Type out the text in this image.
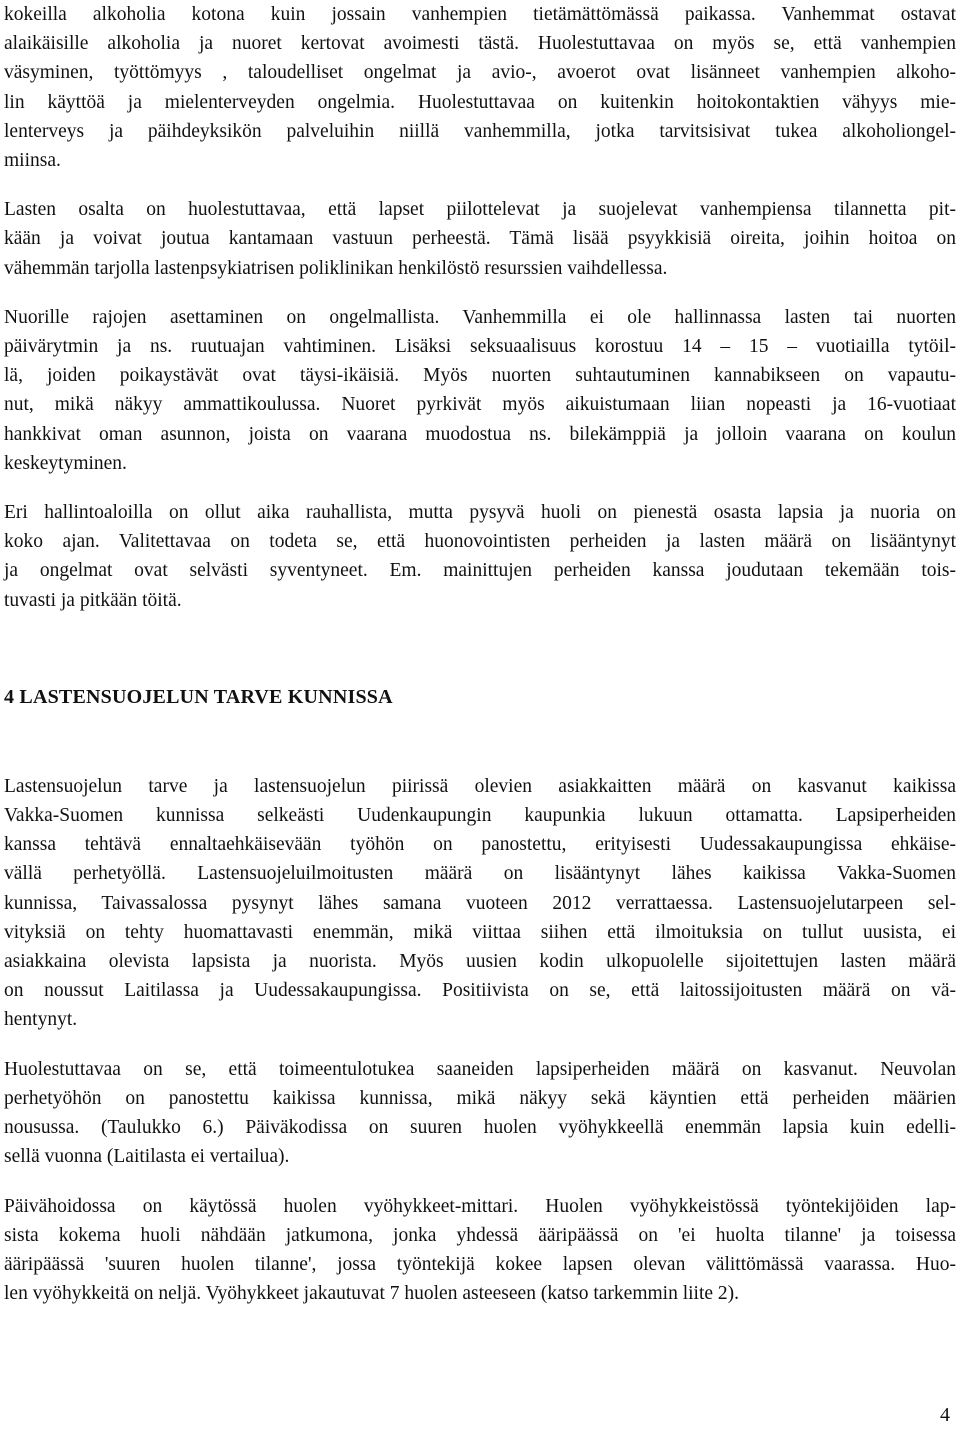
kokeilla alkoholia kotona kuin jossain vanhempien tietämättömässä paikassa. Vanhemmat ostavat
alaikäisille alkoholia ja nuoret kertovat avoimesti tästä. Huolestuttavaa on myös se, että vanhempien
väsyminen, työttömyys , taloudelliset ongelmat ja avio-, avoerot ovat lisänneet vanhempien alkoho-
lin käyttöä ja mielenterveyden ongelmia. Huolestuttavaa on kuitenkin hoitokontaktien vähyys mie-
lenterveys ja päihdeyksikön palveluihin niillä vanhemmilla, jotka tarvitsisivat tukea alkoholiongel-
miinsa.

Lasten osalta on huolestuttavaa, että lapset piilottelevat ja suojelevat vanhempiensa tilannetta pit-
kään ja voivat joutua kantamaan vastuun perheestä. Tämä lisää psyykkisiä oireita, joihin hoitoa on
vähemmän tarjolla lastenpsykiatrisen poliklinikan henkilöstö resurssien vaihdellessa.

Nuorille rajojen asettaminen on ongelmallista. Vanhemmilla ei ole hallinnassa lasten tai nuorten
päivärytmin ja ns. ruutuajan vahtiminen. Lisäksi seksuaalisuus korostuu 14 – 15 – vuotiailla tytöil-
lä, joiden poikaystävät ovat täysi-ikäisiä. Myös nuorten suhtautuminen kannabikseen on vapautu-
nut, mikä näkyy ammattikoulussa. Nuoret pyrkivät myös aikuistumaan liian nopeasti ja 16-vuotiaat
hankkivat oman asunnon, joista on vaarana muodostua ns. bilekämppiä ja jolloin vaarana on koulun
keskeytyminen.

Eri hallintoaloilla on ollut aika rauhallista, mutta pysyvä huoli on pienestä osasta lapsia ja nuoria on
koko ajan. Valitettavaa on todeta se, että huonovointisten perheiden ja lasten määrä on lisääntynyt
ja ongelmat ovat selvästi syventyneet. Em. mainittujen perheiden kanssa joudutaan tekemään tois-
tuvasti ja pitkään töitä.

4 LASTENSUOJELUN TARVE KUNNISSA

Lastensuojelun tarve ja lastensuojelun piirissä olevien asiakkaitten määrä on kasvanut kaikissa
Vakka-Suomen kunnissa selkeästi Uudenkaupungin kaupunkia lukuun ottamatta. Lapsiperheiden
kanssa tehtävä ennaltaehkäisevään työhön on panostettu, erityisesti Uudessakaupungissa ehkäise-
vällä perhetyöllä. Lastensuojeluilmoitusten määrä on lisääntynyt lähes kaikissa Vakka-Suomen
kunnissa, Taivassalossa pysynyt lähes samana vuoteen 2012 verrattaessa. Lastensuojelutarpeen sel-
vityksiä on tehty huomattavasti enemmän, mikä viittaa siihen että ilmoituksia on tullut uusista, ei
asiakkaina olevista lapsista ja nuorista. Myös uusien kodin ulkopuolelle sijoitettujen lasten määrä
on noussut Laitilassa ja Uudessakaupungissa. Positiivista on se, että laitossijoitusten määrä on vä-
hentynyt.

Huolestuttavaa on se, että toimeentulotukea saaneiden lapsiperheiden määrä on kasvanut. Neuvolan
perhetyöhön on panostettu kaikissa kunnissa, mikä näkyy sekä käyntien että perheiden määrien
nousussa. (Taulukko 6.) Päiväkodissa on suuren huolen vyöhykkeellä enemmän lapsia kuin edelli-
sellä vuonna (Laitilasta ei vertailua).

Päivähoidossa on käytössä huolen vyöhykkeet-mittari. Huolen vyöhykkeistössä työntekijöiden lap-
sista kokema huoli nähdään jatkumona, jonka yhdessä ääripäässä on 'ei huolta tilanne' ja toisessa
ääripäässä 'suuren huolen tilanne', jossa työntekijä kokee lapsen olevan välittömässä vaarassa. Huo-
len vyöhykkeitä on neljä. Vyöhykkeet jakautuvat 7 huolen asteeseen (katso tarkemmin liite 2).

4
